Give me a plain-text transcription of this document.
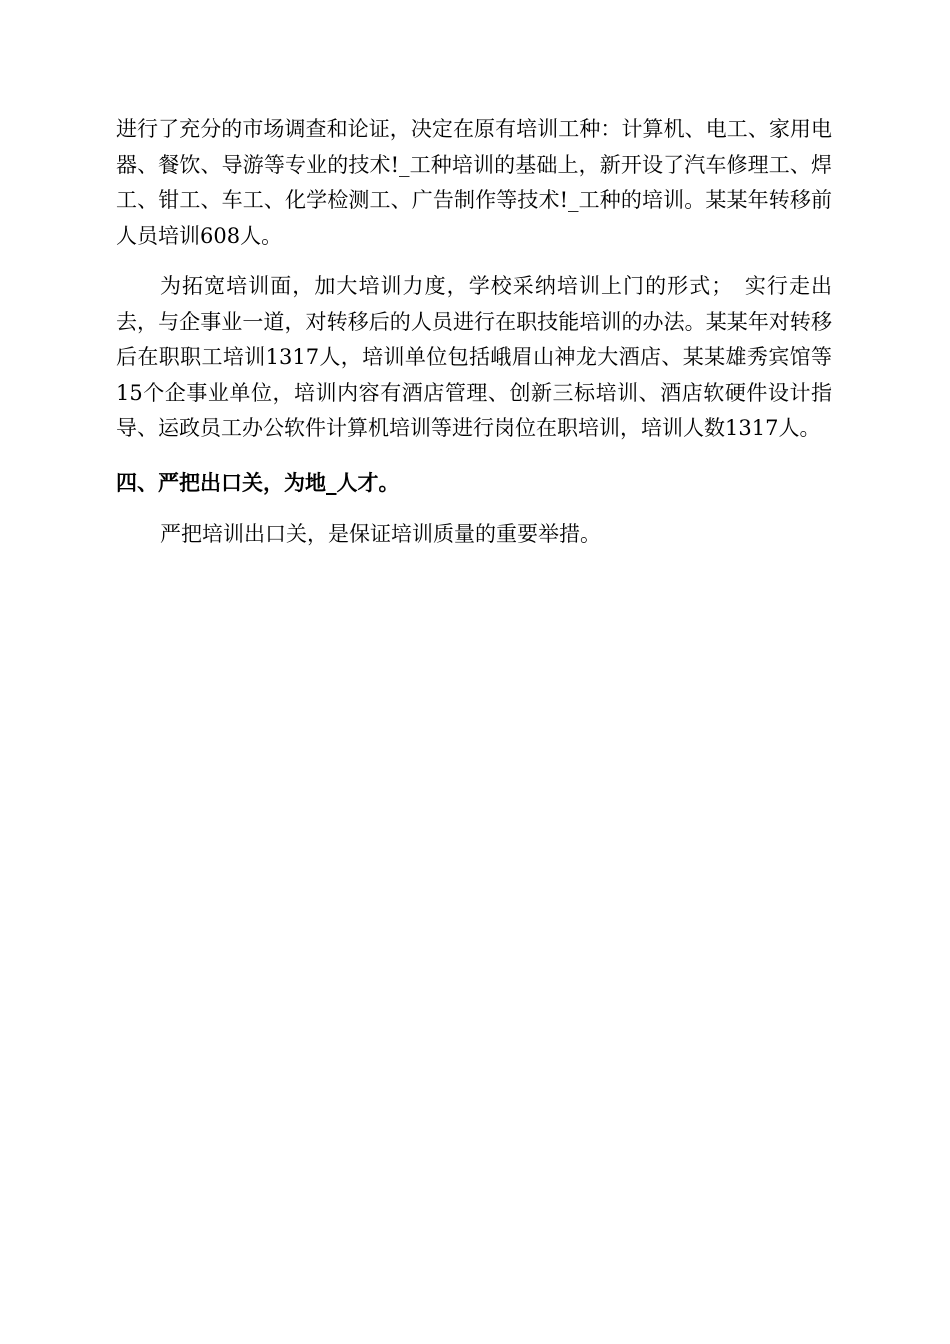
进行了充分的市场调查和论证，决定在原有培训工种：计算机、电工、家用电器、餐饮、导游等专业的技术!_工种培训的基础上，新开设了汽车修理工、焊工、钳工、车工、化学检测工、广告制作等技术!_工种的培训。某某年转移前人员培训608人。

为拓宽培训面，加大培训力度，学校采纳培训上门的形式；　实行走出去，与企事业一道，对转移后的人员进行在职技能培训的办法。某某年对转移后在职职工培训1317人，培训单位包括峨眉山神龙大酒店、某某雄秀宾馆等15个企事业单位，培训内容有酒店管理、创新三标培训、酒店软硬件设计指导、运政员工办公软件计算机培训等进行岗位在职培训，培训人数1317人。

四、严把出口关，为地_人才。

严把培训出口关，是保证培训质量的重要举措。
